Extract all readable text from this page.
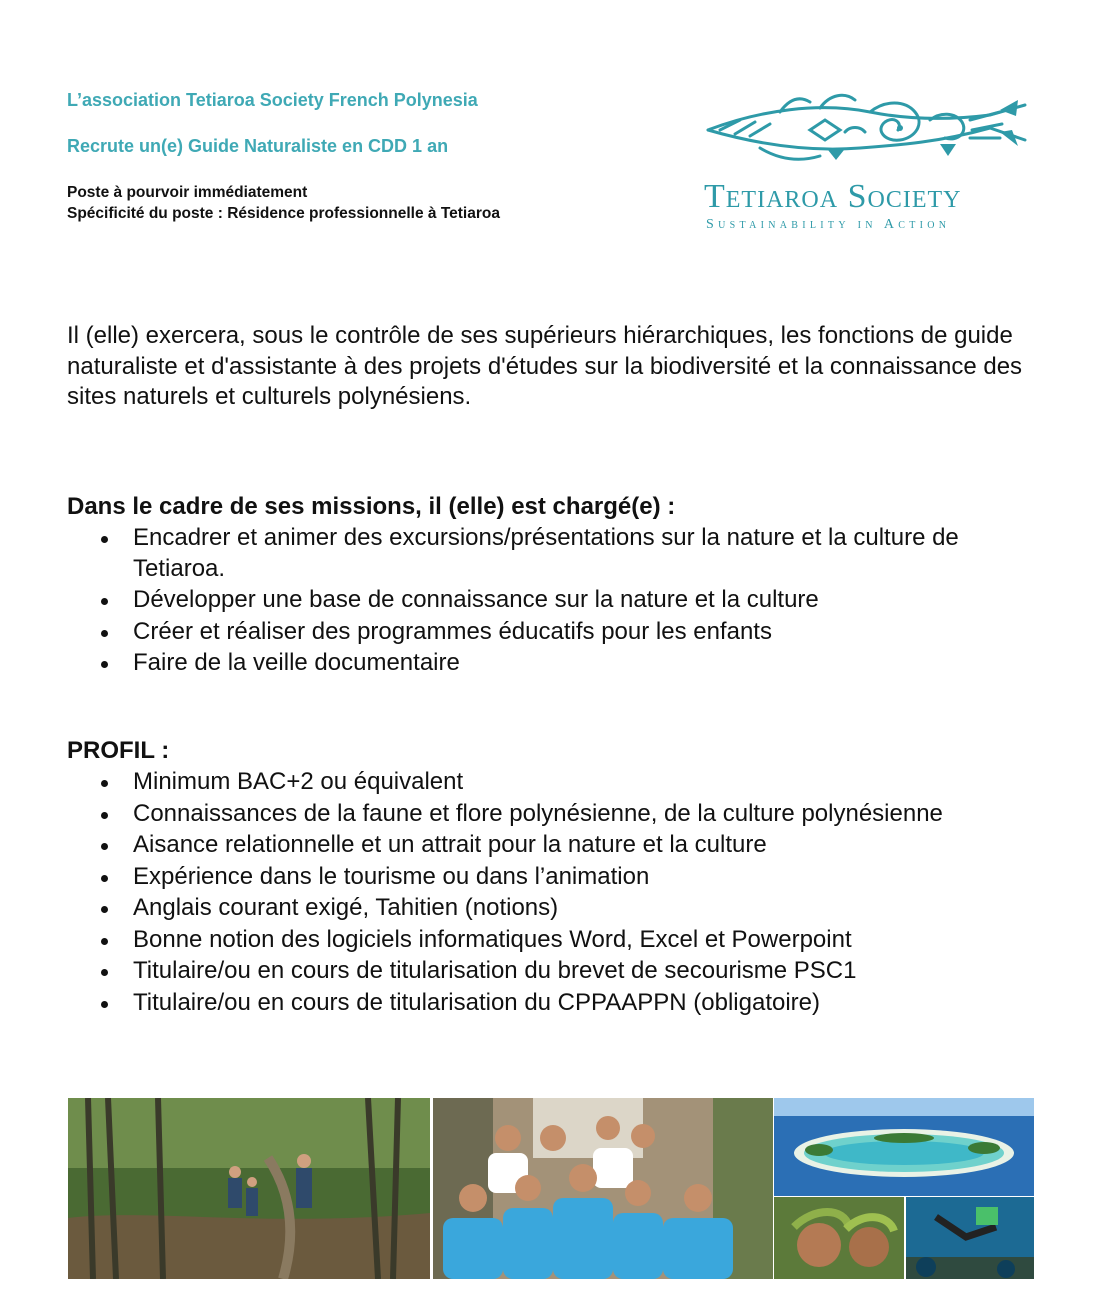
L’association Tetiaroa Society French Polynesia
Recrute un(e) Guide Naturaliste en CDD 1 an
Poste à pourvoir immédiatement
Spécificité du poste : Résidence professionnelle à Tetiaroa	Tetiaroa Society
Sustainability in Action

Il (elle) exercera, sous le contrôle de ses supérieurs hiérarchiques, les fonctions de guide naturaliste et d'assistante à des projets d'études sur la biodiversité et la connaissance des sites naturels et culturels polynésiens.

Dans le cadre de ses missions, il (elle) est chargé(e) :
Encadrer et animer des excursions/présentations sur la nature et la culture de Tetiaroa.
Développer une base de connaissance sur la nature et la culture
Créer et réaliser des programmes éducatifs pour les enfants
Faire de la veille documentaire
PROFIL :
Minimum BAC+2 ou équivalent
Connaissances de la faune et flore polynésienne, de la culture polynésienne
Aisance relationnelle et un attrait pour la nature et la culture
Expérience dans le tourisme ou dans l’animation
Anglais courant exigé, Tahitien (notions)
Bonne notion des logiciels informatiques Word, Excel et Powerpoint
Titulaire/ou en cours de titularisation du brevet de secourisme PSC1
Titulaire/ou en cours de titularisation du CPPAAPPN (obligatoire)
